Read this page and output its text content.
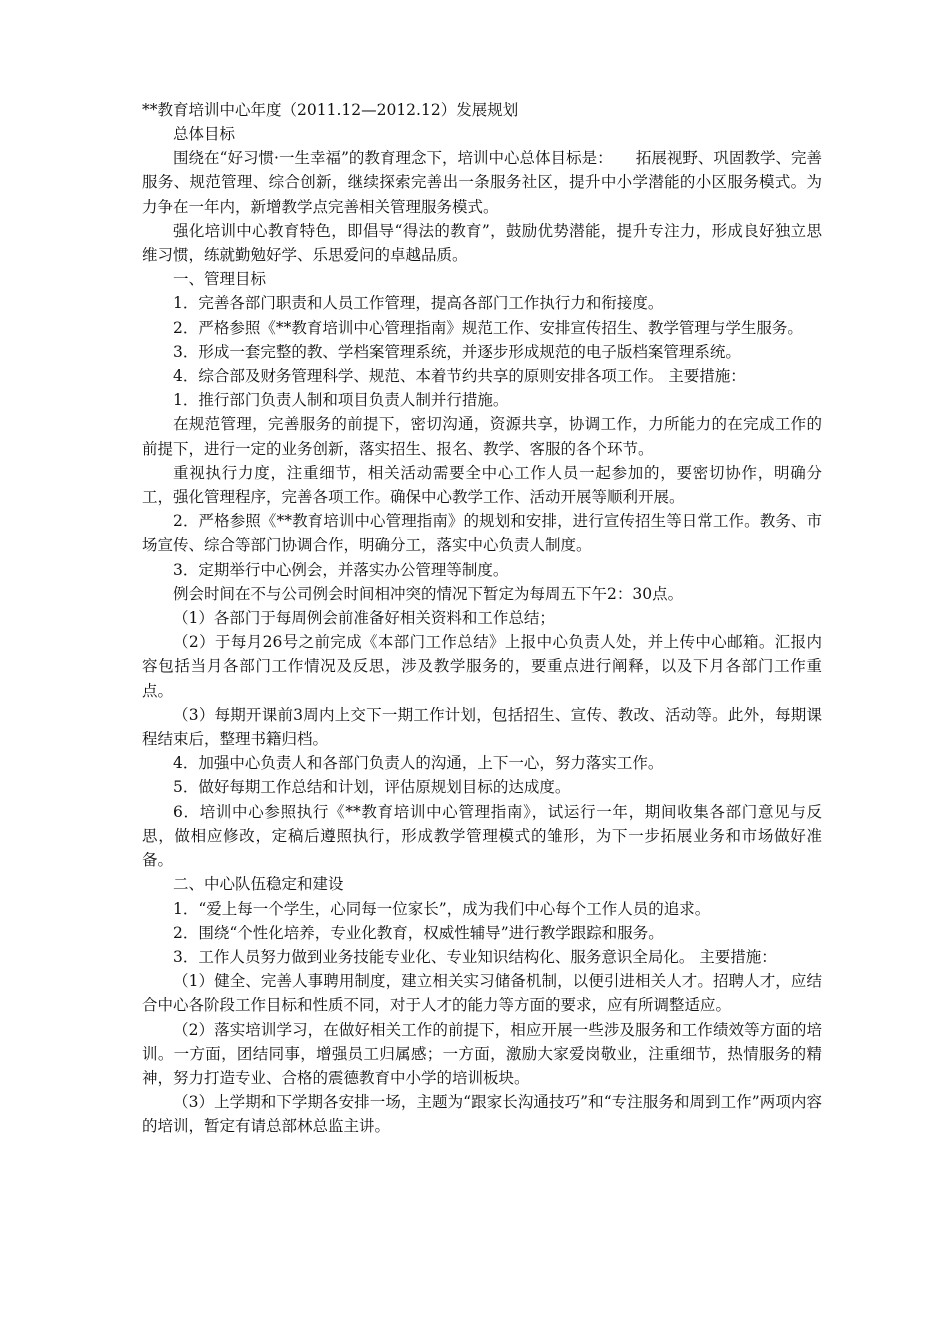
**教育培训中心年度（2011.12—2012.12）发展规划

总体目标

围绕在“好习惯·一生幸福”的教育理念下，培训中心总体目标是：　　拓展视野、巩固教学、完善服务、规范管理、综合创新，继续探索完善出一条服务社区，提升中小学潜能的小区服务模式。为力争在一年内，新增教学点完善相关管理服务模式。

强化培训中心教育特色，即倡导“得法的教育”，鼓励优势潜能，提升专注力，形成良好独立思维习惯，练就勤勉好学、乐思爱问的卓越品质。

一、管理目标

1．完善各部门职责和人员工作管理，提高各部门工作执行力和衔接度。

2．严格参照《**教育培训中心管理指南》规范工作、安排宣传招生、教学管理与学生服务。

3．形成一套完整的教、学档案管理系统，并逐步形成规范的电子版档案管理系统。

4．综合部及财务管理科学、规范、本着节约共享的原则安排各项工作。 主要措施：

1．推行部门负责人制和项目负责人制并行措施。

在规范管理，完善服务的前提下，密切沟通，资源共享，协调工作，力所能力的在完成工作的前提下，进行一定的业务创新，落实招生、报名、教学、客服的各个环节。

重视执行力度，注重细节，相关活动需要全中心工作人员一起参加的，要密切协作，明确分工，强化管理程序，完善各项工作。确保中心教学工作、活动开展等顺利开展。

2．严格参照《**教育培训中心管理指南》的规划和安排，进行宣传招生等日常工作。教务、市场宣传、综合等部门协调合作，明确分工，落实中心负责人制度。

3．定期举行中心例会，并落实办公管理等制度。

例会时间在不与公司例会时间相冲突的情况下暂定为每周五下午2：30点。

（1）各部门于每周例会前准备好相关资料和工作总结；

（2）于每月26号之前完成《本部门工作总结》上报中心负责人处，并上传中心邮箱。汇报内容包括当月各部门工作情况及反思，涉及教学服务的，要重点进行阐释，以及下月各部门工作重点。

（3）每期开课前3周内上交下一期工作计划，包括招生、宣传、教改、活动等。此外，每期课程结束后，整理书籍归档。

4．加强中心负责人和各部门负责人的沟通，上下一心，努力落实工作。

5．做好每期工作总结和计划，评估原规划目标的达成度。

6．培训中心参照执行《**教育培训中心管理指南》，试运行一年，期间收集各部门意见与反思，做相应修改，定稿后遵照执行，形成教学管理模式的雏形，为下一步拓展业务和市场做好准备。

二、中心队伍稳定和建设

1．“爱上每一个学生，心同每一位家长”，成为我们中心每个工作人员的追求。

2．围绕“个性化培养，专业化教育，权威性辅导”进行教学跟踪和服务。

3．工作人员努力做到业务技能专业化、专业知识结构化、服务意识全局化。 主要措施：

（1）健全、完善人事聘用制度，建立相关实习储备机制，以便引进相关人才。招聘人才，应结合中心各阶段工作目标和性质不同，对于人才的能力等方面的要求，应有所调整适应。

（2）落实培训学习，在做好相关工作的前提下，相应开展一些涉及服务和工作绩效等方面的培训。一方面，团结同事，增强员工归属感；一方面，激励大家爱岗敬业，注重细节，热情服务的精神，努力打造专业、合格的震德教育中小学的培训板块。

（3）上学期和下学期各安排一场，主题为“跟家长沟通技巧”和“专注服务和周到工作”两项内容的培训，暂定有请总部林总监主讲。
